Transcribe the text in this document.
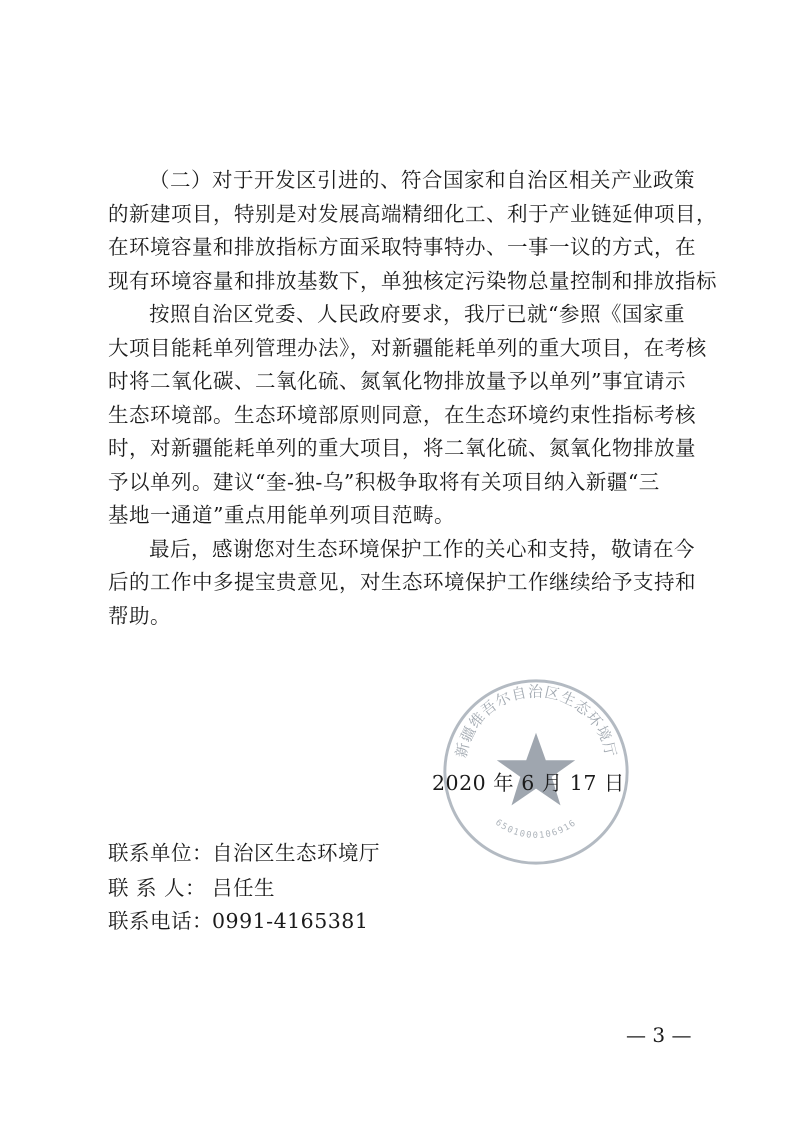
（二）对于开发区引进的、符合国家和自治区相关产业政策
的新建项目，特别是对发展高端精细化工、利于产业链延伸项目，
在环境容量和排放指标方面采取特事特办、一事一议的方式，在
现有环境容量和排放基数下，单独核定污染物总量控制和排放指标

按照自治区党委、人民政府要求，我厅已就“参照《国家重
大项目能耗单列管理办法》，对新疆能耗单列的重大项目，在考核
时将二氧化碳、二氧化硫、氮氧化物排放量予以单列”事宜请示
生态环境部。生态环境部原则同意，在生态环境约束性指标考核
时，对新疆能耗单列的重大项目，将二氧化硫、氮氧化物排放量
予以单列。建议“奎-独-乌”积极争取将有关项目纳入新疆“三
基地一通道”重点用能单列项目范畴。

最后，感谢您对生态环境保护工作的关心和支持，敬请在今
后的工作中多提宝贵意见，对生态环境保护工作继续给予支持和
帮助。

新疆维吾尔自治区生态环境厅
6501000106916
2020 年 6 月 17 日
联系单位：自治区生态环境厅
联 系 人： 吕任生
联系电话：0991-4165381
— 3 —
